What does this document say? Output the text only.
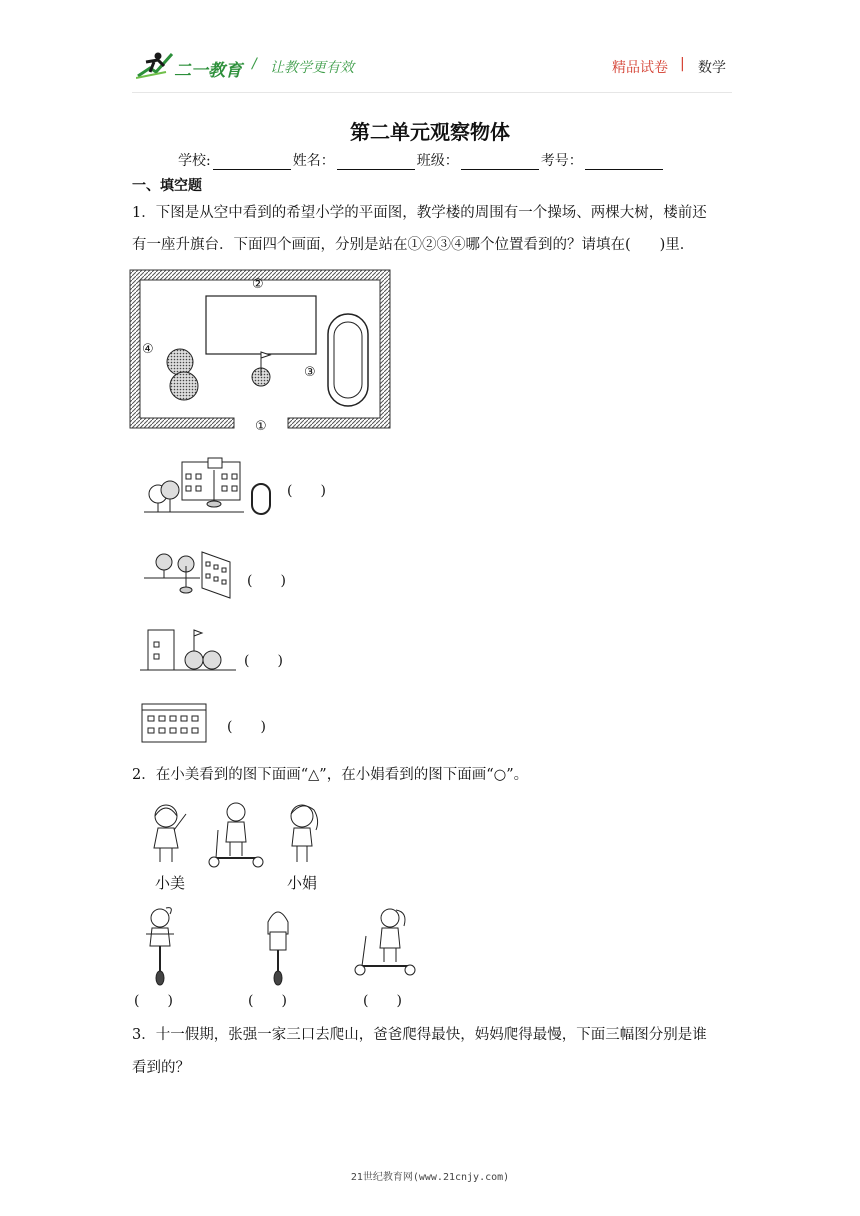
二一教育 / 让教学更有效	精品试卷 | 数学
第二单元观察物体
学校:	姓名：	班级：	考号：
一、填空题
1．下图是从空中看到的希望小学的平面图，教学楼的周围有一个操场、两棵大树，楼前还
有一座升旗台．下面四个画面，分别是站在①②③④哪个位置看到的？请填在(　　)里．
②
④
③
①
(　　)
(　　)
(　　)
(　　)
2．在小美看到的图下面画“△”，在小娟看到的图下面画“○”。
小美	小娟
(　　)	(　　)	(　　)
3．十一假期，张强一家三口去爬山，爸爸爬得最快，妈妈爬得最慢，下面三幅图分别是谁
看到的？
21世纪教育网(www.21cnjy.com)
